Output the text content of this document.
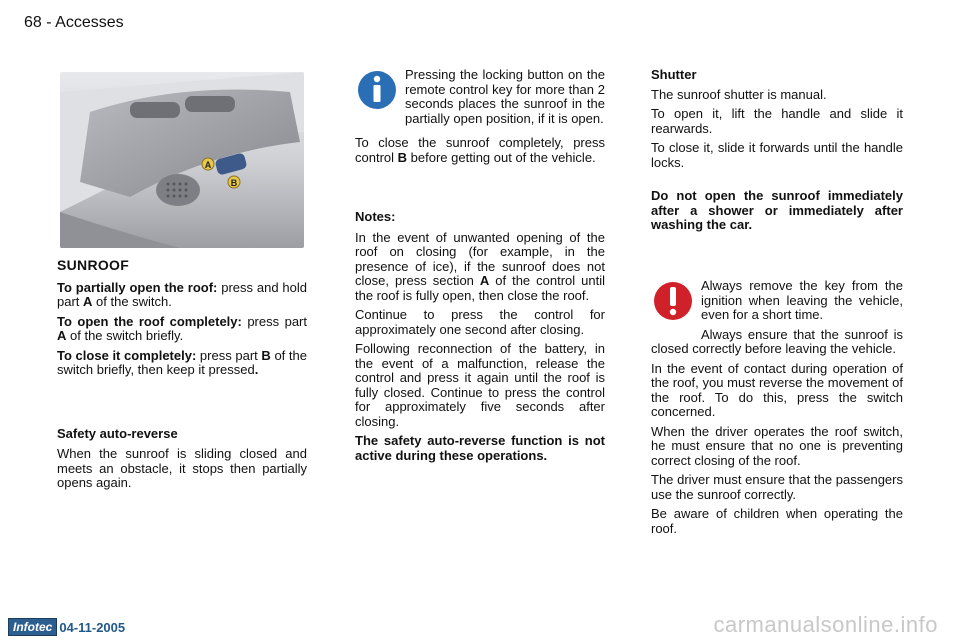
68 - Accesses
A
B
SUNROOF

To partially open the roof: press and hold part A of the switch.

To open the roof completely: press part A of the switch briefly.

To close it completely: press part B of the switch briefly, then keep it pressed.

Safety auto-reverse

When the sunroof is sliding closed and meets an obstacle, it stops then partially opens again.

Pressing the locking button on the remote control key for more than 2 seconds places the sunroof in the partially open position, if it is open.

To close the sunroof completely, press control B before getting out of the vehicle.

Notes:

In the event of unwanted opening of the roof on closing (for example, in the presence of ice), if the sunroof does not close, press section A of the control until the roof is fully open, then close the roof.

Continue to press the control for approximately one second after closing.

Following reconnection of the battery, in the event of a malfunction, release the control and press it again until the roof is fully closed. Continue to press the control for approximately five seconds after closing.

The safety auto-reverse function is not active during these operations.

Shutter

The sunroof shutter is manual.

To open it, lift the handle and slide it rearwards.

To close it, slide it forwards until the handle locks.

Do not open the sunroof immediately after a shower or immediately after washing the car.

Always remove the key from the ignition when leaving the vehicle, even for a short time.

Always ensure that the sunroof is closed correctly before leaving the vehicle.

In the event of contact during operation of the roof, you must reverse the movement of the roof. To do this, press the switch concerned.

When the driver operates the roof switch, he must ensure that no one is preventing correct closing of the roof.

The driver must ensure that the passengers use the sunroof correctly.

Be aware of children when operating the roof.

Infotec 04-11-2005	carmanualsonline.info
